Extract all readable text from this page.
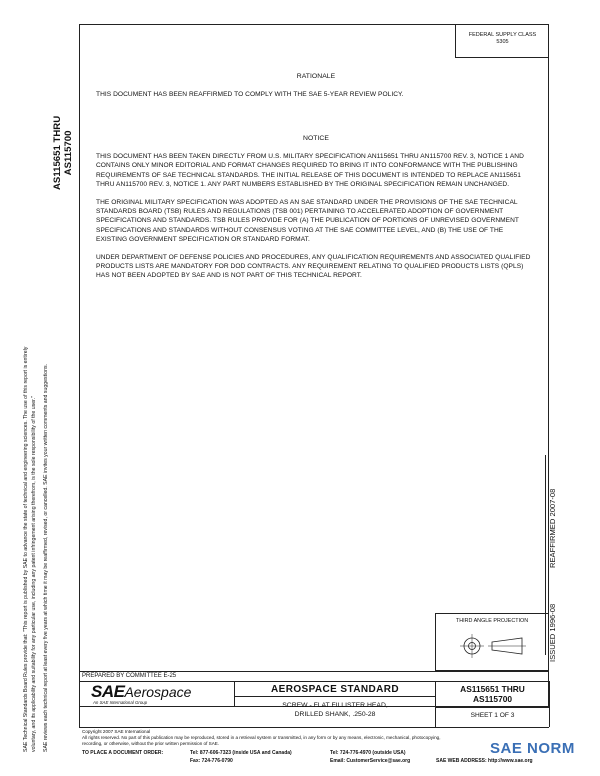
FEDERAL SUPPLY CLASS
5305
AS115651 THRU
AS115700
SAE Technical Standards Board Rules provide that: "This report is published by SAE to advance the state of technical and engineering sciences. The use of this report is entirely voluntary, and its applicability and suitability for any particular use, including any patent infringement arising therefrom, is the sole responsibility of the user." SAE reviews each technical report at least every five years at which time it may be reaffirmed, revised, or cancelled. SAE invites your written comments and suggestions.
RATIONALE
THIS DOCUMENT HAS BEEN REAFFIRMED TO COMPLY WITH THE SAE 5-YEAR REVIEW POLICY.
NOTICE
THIS DOCUMENT HAS BEEN TAKEN DIRECTLY FROM U.S. MILITARY SPECIFICATION AN115651 THRU AN115700 REV. 3, NOTICE 1 AND CONTAINS ONLY MINOR EDITORIAL AND FORMAT CHANGES REQUIRED TO BRING IT INTO CONFORMANCE WITH THE PUBLISHING REQUIREMENTS OF SAE TECHNICAL STANDARDS. THE INITIAL RELEASE OF THIS DOCUMENT IS INTENDED TO REPLACE AN115651 THRU AN115700 REV. 3, NOTICE 1. ANY PART NUMBERS ESTABLISHED BY THE ORIGINAL SPECIFICATION REMAIN UNCHANGED.
THE ORIGINAL MILITARY SPECIFICATION WAS ADOPTED AS AN SAE STANDARD UNDER THE PROVISIONS OF THE SAE TECHNICAL STANDARDS BOARD (TSB) RULES AND REGULATIONS (TSB 001) PERTAINING TO ACCELERATED ADOPTION OF GOVERNMENT SPECIFICATIONS AND STANDARDS. TSB RULES PROVIDE FOR (A) THE PUBLICATION OF PORTIONS OF UNREVISED GOVERNMENT SPECIFICATIONS AND STANDARDS WITHOUT CONSENSUS VOTING AT THE SAE COMMITTEE LEVEL, AND (B) THE USE OF THE EXISTING GOVERNMENT SPECIFICATION OR STANDARD FORMAT.
UNDER DEPARTMENT OF DEFENSE POLICIES AND PROCEDURES, ANY QUALIFICATION REQUIREMENTS AND ASSOCIATED QUALIFIED PRODUCTS LISTS ARE MANDATORY FOR DOD CONTRACTS. ANY REQUIREMENT RELATING TO QUALIFIED PRODUCTS LISTS (QPLS) HAS NOT BEEN ADOPTED BY SAE AND IS NOT PART OF THIS TECHNICAL REPORT.
REAFFIRMED 2007-08
ISSUED 1996-08
THIRD ANGLE PROJECTION
PREPARED BY COMMITTEE E-25
SAEAerospace
An SAE International Group
AEROSPACE STANDARD
SCREW - FLAT FILLISTER HEAD,
DRILLED SHANK, .250-28
AS115651 THRU
AS115700
SHEET 1 OF 3
Copyright 2007 SAE International
All rights reserved. No part of this publication may be reproduced, stored in a retrieval system or transmitted, in any form or by any means, electronic, mechanical, photocopying,
recording, or otherwise, without the prior written permission of SAE.
TO PLACE A DOCUMENT ORDER:	Tel: 877-606-7323 (inside USA and Canada)
Fax: 724-776-0790
Tel: 724-776-4970 (outside USA)
Email: CustomerService@sae.org	SAE WEB ADDRESS: http://www.sae.org
SAE NORM
